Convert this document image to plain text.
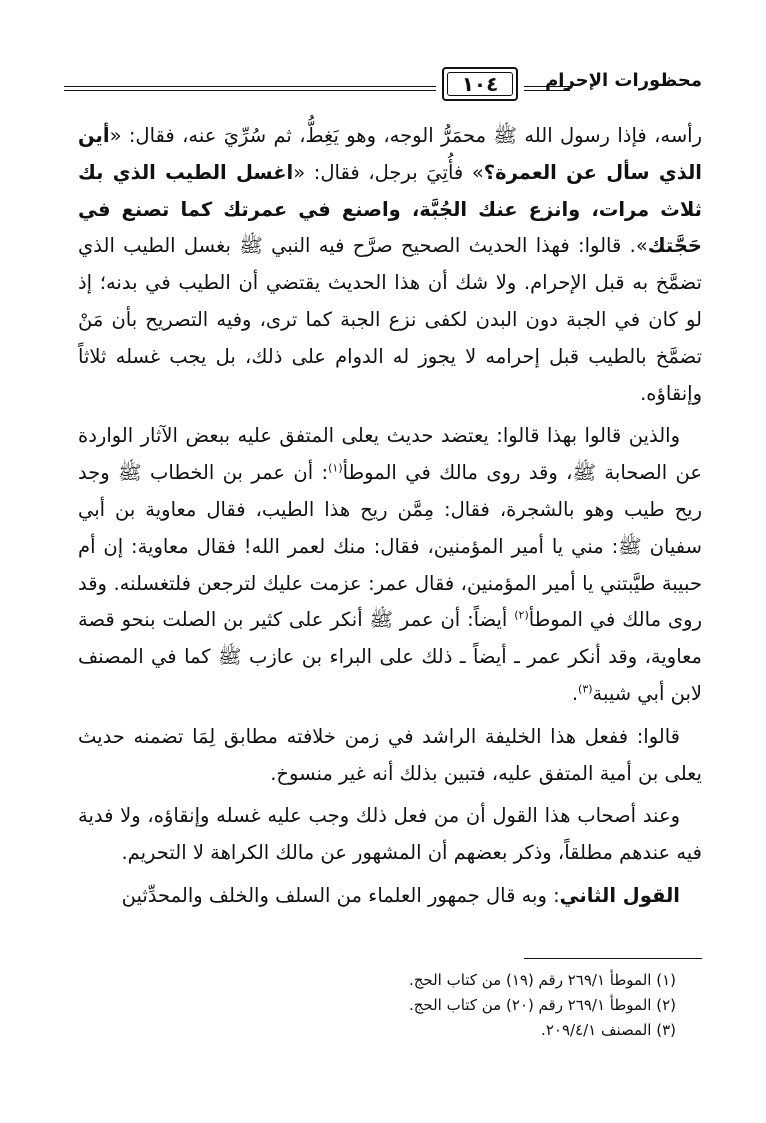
١٠٤	محظورات الإحرام

رأسه، فإذا رسول الله ﷺ محمَرُّ الوجه، وهو يَغِطُّ، ثم سُرِّيَ عنه، فقال: «أين الذي سأل عن العمرة؟» فأُتِيَ برجل، فقال: «اغسل الطيب الذي بك ثلاث مرات، وانزع عنك الجُبَّة، واصنع في عمرتك كما تصنع في حَجَّتك». قالوا: فهذا الحديث الصحيح صرَّح فيه النبي ﷺ بغسل الطيب الذي تضمَّخ به قبل الإحرام. ولا شك أن هذا الحديث يقتضي أن الطيب في بدنه؛ إذ لو كان في الجبة دون البدن لكفى نزع الجبة كما ترى، وفيه التصريح بأن مَنْ تضمَّخ بالطيب قبل إحرامه لا يجوز له الدوام على ذلك، بل يجب غسله ثلاثاً وإنقاؤه.

والذين قالوا بهذا قالوا: يعتضد حديث يعلى المتفق عليه ببعض الآثار الواردة عن الصحابة ﷺ، وقد روى مالك في الموطأ$^{(١)}$: أن عمر بن الخطاب ﷺ وجد ريح طيب وهو بالشجرة، فقال: مِمَّن ريح هذا الطيب، فقال معاوية بن أبي سفيان ﷺ: مني يا أمير المؤمنين، فقال: منك لعمر الله! فقال معاوية: إن أم حبيبة طيَّبتني يا أمير المؤمنين، فقال عمر: عزمت عليك لترجعن فلتغسلنه. وقد روى مالك في الموطأ$^{(٢)}$ أيضاً: أن عمر ﷺ أنكر على كثير بن الصلت بنحو قصة معاوية، وقد أنكر عمر ـ أيضاً ـ ذلك على البراء بن عازب ﷺ كما في المصنف لابن أبي شيبة$^{(٣)}$.

قالوا: ففعل هذا الخليفة الراشد في زمن خلافته مطابق لِمَا تضمنه حديث يعلى بن أمية المتفق عليه، فتبين بذلك أنه غير منسوخ.

وعند أصحاب هذا القول أن من فعل ذلك وجب عليه غسله وإنقاؤه، ولا فدية فيه عندهم مطلقاً، وذكر بعضهم أن المشهور عن مالك الكراهة لا التحريم.

القول الثاني: وبه قال جمهور العلماء من السلف والخلف والمحدِّثين

(١) الموطأ ٢٦٩/١ رقم (١٩) من كتاب الحج.
(٢) الموطأ ٢٦٩/١ رقم (٢٠) من كتاب الحج.
(٣) المصنف ٢٠٩/٤/١.
